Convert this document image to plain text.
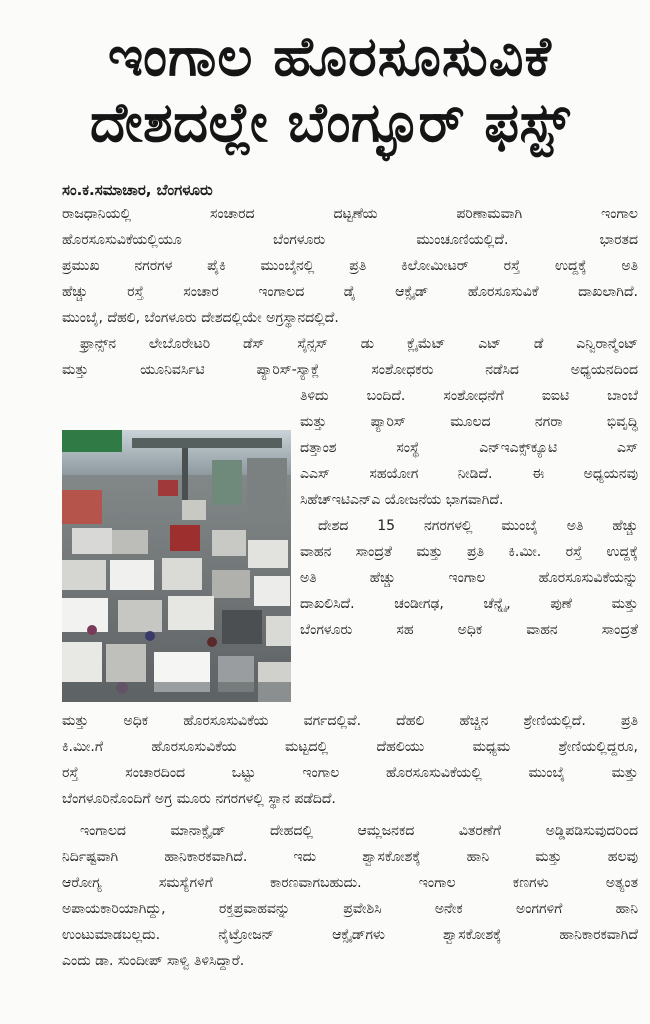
ಇಂಗಾಲ ಹೊರಸೂಸುವಿಕೆ
ದೇಶದಲ್ಲೇ ಬೆಂಗ್ಳೂರ್ ಫಸ್ಟ್
ಸಂ.ಕ.ಸಮಾಚಾರ, ಬೆಂಗಳೂರು
ರಾಜಧಾನಿಯಲ್ಲಿ ಸಂಚಾರದ ದಟ್ಟಣೆಯ ಪರಿಣಾಮವಾಗಿ ಇಂಗಾಲ
ಹೊರಸೂಸುವಿಕೆಯಲ್ಲಿಯೂ ಬೆಂಗಳೂರು ಮುಂಚೂಣಿಯಲ್ಲಿದೆ. ಭಾರತದ
ಪ್ರಮುಖ ನಗರಗಳ ಪೈಕಿ ಮುಂಬೈನಲ್ಲಿ ಪ್ರತಿ ಕಿಲೋಮೀಟರ್ ರಸ್ತೆ ಉದ್ದಕ್ಕೆ ಅತಿ
ಹೆಚ್ಚು ರಸ್ತೆ ಸಂಚಾರ ಇಂಗಾಲದ ಡೈ ಆಕ್ಸೈಡ್ ಹೊರಸೂಸುವಿಕೆ ದಾಖಲಾಗಿದೆ.
ಮುಂಬೈ, ದೆಹಲಿ, ಬೆಂಗಳೂರು ದೇಶದಲ್ಲಿಯೇ ಅಗ್ರಸ್ಥಾನದಲ್ಲಿದೆ.
ಫ್ರಾನ್ಸ್‌ನ ಲೇಬೊರೇಟರಿ ಡೆಸ್ ಸೈನ್ಸಸ್ ಡು ಕ್ಲೈಮೆಟ್ ಎಟ್ ಡೆ ಎನ್ವಿರಾನ್ಮೆಂಟ್
ಮತ್ತು ಯೂನಿವರ್ಸಿಟಿ ಪ್ಯಾರಿಸ್-ಸ್ಯಾಕ್ಲೆ ಸಂಶೋಧಕರು ನಡೆಸಿದ ಅಧ್ಯಯನದಿಂದ
ತಿಳಿದು ಬಂದಿದೆ. ಸಂಶೋಧನೆಗೆ ಐಐಟಿ ಬಾಂಬೆ
ಮತ್ತು ಪ್ಯಾರಿಸ್ ಮೂಲದ ನಗರಾ ಭಿವೃದ್ಧಿ
ದತ್ತಾಂಶ ಸಂಸ್ಥೆ ಎನ್‌ಇಎಕ್ಸ್‌ಕ್ಯೂಟಿ ಎಸ್
ಎಎಸ್ ಸಹಯೋಗ ನೀಡಿದೆ. ಈ ಅಧ್ಯಯನವು
ಸಿಹೆಚ್‌ಇಟಿಎನ್‌ಎ ಯೋಜನೆಯ ಭಾಗವಾಗಿದೆ.
ದೇಶದ 15 ನಗರಗಳಲ್ಲಿ ಮುಂಬೈ ಅತಿ ಹೆಚ್ಚು
ವಾಹನ ಸಾಂದ್ರತೆ ಮತ್ತು ಪ್ರತಿ ಕಿ.ಮೀ. ರಸ್ತೆ ಉದ್ದಕ್ಕೆ
ಅತಿ ಹೆಚ್ಚು ಇಂಗಾಲ ಹೊರಸೂಸುವಿಕೆಯನ್ನು
ದಾಖಲಿಸಿದೆ. ಚಂಡೀಗಢ, ಚೆನ್ನೈ, ಪುಣೆ ಮತ್ತು
ಬೆಂಗಳೂರು ಸಹ ಅಧಿಕ ವಾಹನ ಸಾಂದ್ರತೆ
ಮತ್ತು ಅಧಿಕ ಹೊರಸೂಸುವಿಕೆಯ ವರ್ಗದಲ್ಲಿವೆ. ದೆಹಲಿ ಹೆಚ್ಚಿನ ಶ್ರೇಣಿಯಲ್ಲಿದೆ. ಪ್ರತಿ
ಕಿ.ಮೀ.ಗೆ ಹೊರಸೂಸುವಿಕೆಯ ಮಟ್ಟದಲ್ಲಿ ದೆಹಲಿಯು ಮಧ್ಯಮ ಶ್ರೇಣಿಯಲ್ಲಿದ್ದರೂ,
ರಸ್ತೆ ಸಂಚಾರದಿಂದ ಒಟ್ಟು ಇಂಗಾಲ ಹೊರಸೂಸುವಿಕೆಯಲ್ಲಿ ಮುಂಬೈ ಮತ್ತು
ಬೆಂಗಳೂರಿನೊಂದಿಗೆ ಅಗ್ರ ಮೂರು ನಗರಗಳಲ್ಲಿ ಸ್ಥಾನ ಪಡೆದಿದೆ.
ಇಂಗಾಲದ ಮಾನಾಕ್ಸೈಡ್ ದೇಹದಲ್ಲಿ ಆಮ್ಲಜನಕದ ವಿತರಣೆಗೆ ಅಡ್ಡಿಪಡಿಸುವುದರಿಂದ
ನಿರ್ದಿಷ್ಟವಾಗಿ ಹಾನಿಕಾರಕವಾಗಿದೆ. ಇದು ಶ್ವಾಸಕೋಶಕ್ಕೆ ಹಾನಿ ಮತ್ತು ಹಲವು
ಆರೋಗ್ಯ ಸಮಸ್ಯೆಗಳಿಗೆ ಕಾರಣವಾಗಬಹುದು. ಇಂಗಾಲ ಕಣಗಳು ಅತ್ಯಂತ
ಅಪಾಯಕಾರಿಯಾಗಿದ್ದು, ರಕ್ತಪ್ರವಾಹವನ್ನು ಪ್ರವೇಶಿಸಿ ಅನೇಕ ಅಂಗಗಳಿಗೆ ಹಾನಿ
ಉಂಟುಮಾಡಬಲ್ಲದು. ನೈಟ್ರೋಜನ್ ಆಕ್ಸೈಡ್‌ಗಳು ಶ್ವಾಸಕೋಶಕ್ಕೆ ಹಾನಿಕಾರಕವಾಗಿದೆ
ಎಂದು ಡಾ. ಸುಂದೀಪ್ ಸಾಳ್ವಿ ತಿಳಿಸಿದ್ದಾರೆ.
